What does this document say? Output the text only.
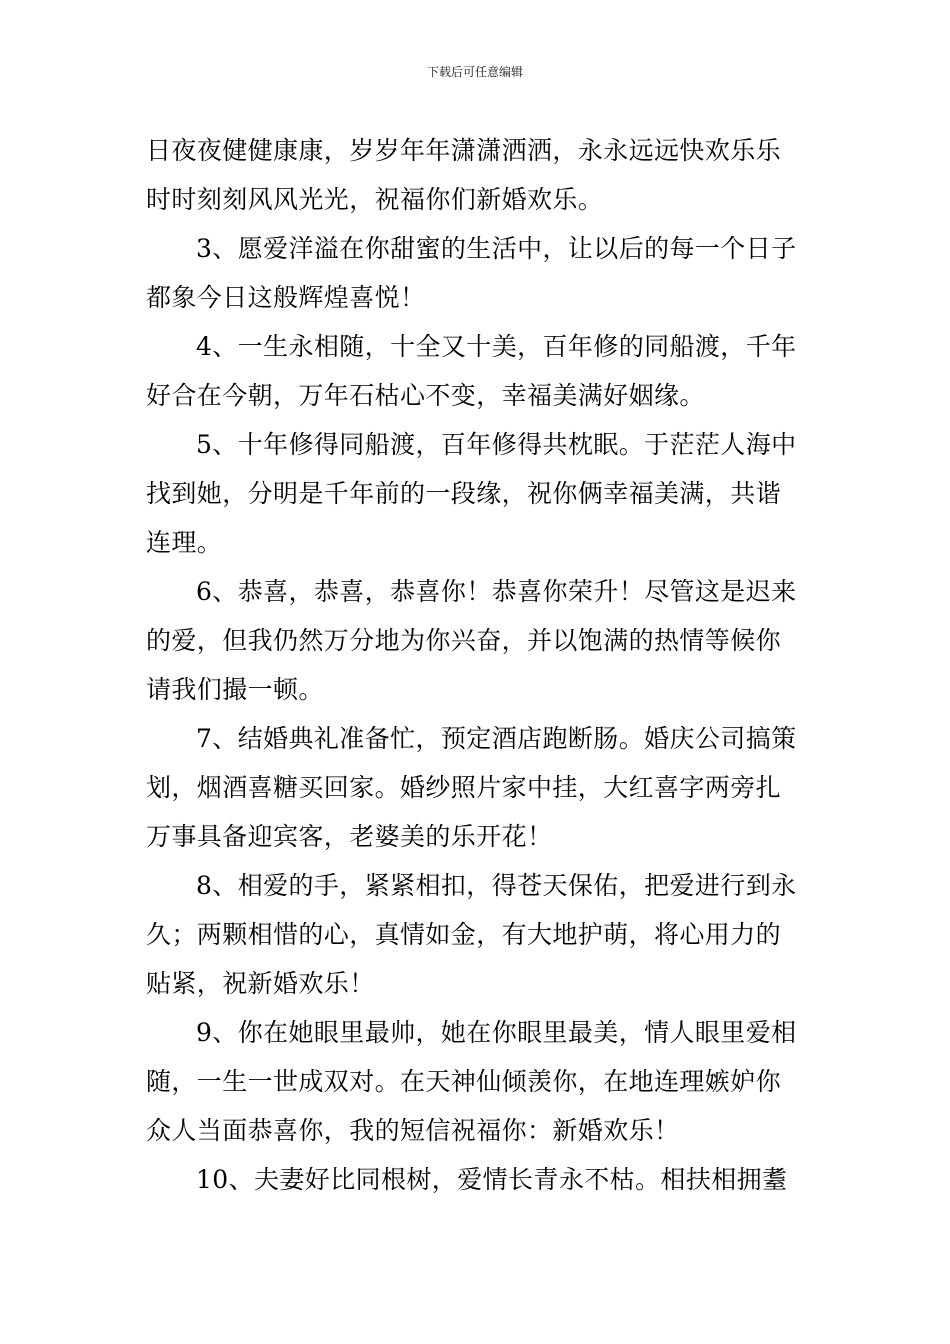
下载后可任意编辑
日夜夜健健康康，岁岁年年潇潇洒洒，永永远远快欢乐乐
时时刻刻风风光光，祝福你们新婚欢乐。
3、愿爱洋溢在你甜蜜的生活中，让以后的每一个日子
都象今日这般辉煌喜悦！
4、一生永相随，十全又十美，百年修的同船渡，千年
好合在今朝，万年石枯心不变，幸福美满好姻缘。
5、十年修得同船渡，百年修得共枕眠。于茫茫人海中
找到她，分明是千年前的一段缘，祝你俩幸福美满，共谐
连理。
6、恭喜，恭喜，恭喜你！恭喜你荣升！尽管这是迟来
的爱，但我仍然万分地为你兴奋，并以饱满的热情等候你
请我们撮一顿。
7、结婚典礼准备忙，预定酒店跑断肠。婚庆公司搞策
划，烟酒喜糖买回家。婚纱照片家中挂，大红喜字两旁扎
万事具备迎宾客，老婆美的乐开花！
8、相爱的手，紧紧相扣，得苍天保佑，把爱进行到永
久；两颗相惜的心，真情如金，有大地护萌，将心用力的
贴紧，祝新婚欢乐！
9、你在她眼里最帅，她在你眼里最美，情人眼里爱相
随，一生一世成双对。在天神仙倾羡你，在地连理嫉妒你
众人当面恭喜你，我的短信祝福你：新婚欢乐！
10、夫妻好比同根树，爱情长青永不枯。相扶相拥耋
